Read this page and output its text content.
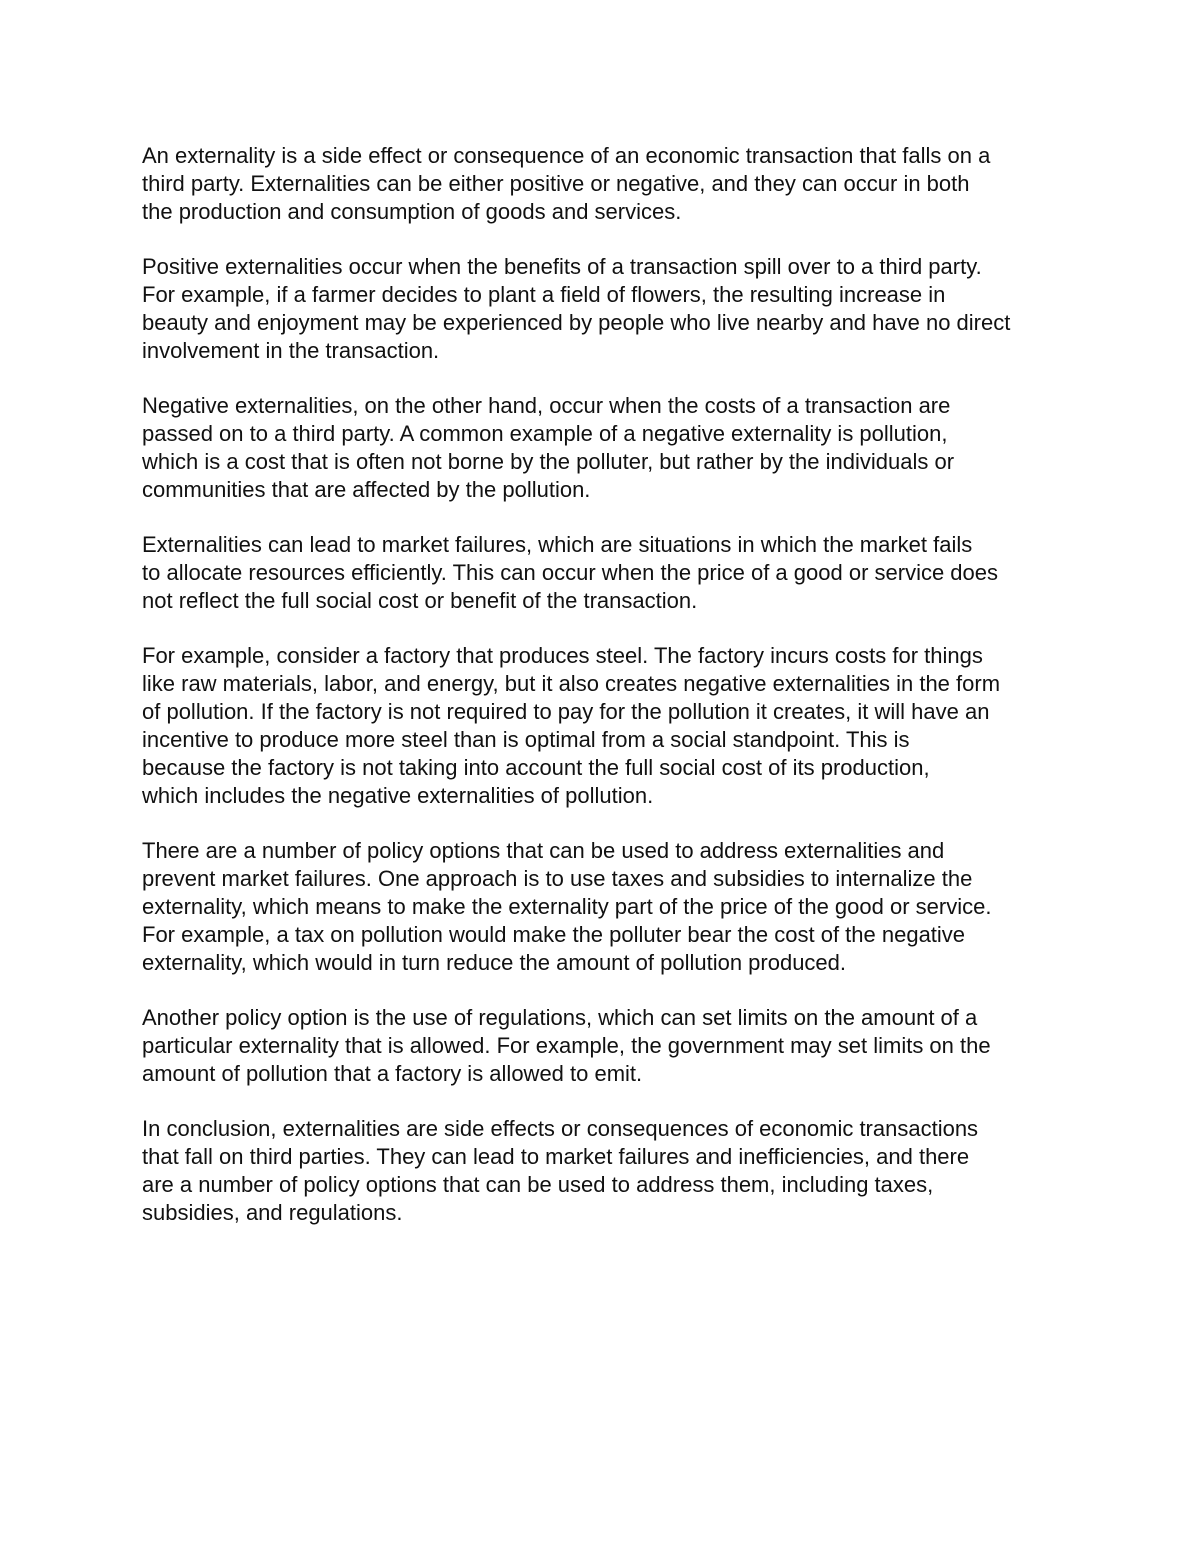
An externality is a side effect or consequence of an economic transaction that falls on a
third party. Externalities can be either positive or negative, and they can occur in both
the production and consumption of goods and services.

Positive externalities occur when the benefits of a transaction spill over to a third party.
For example, if a farmer decides to plant a field of flowers, the resulting increase in
beauty and enjoyment may be experienced by people who live nearby and have no direct
involvement in the transaction.

Negative externalities, on the other hand, occur when the costs of a transaction are
passed on to a third party. A common example of a negative externality is pollution,
which is a cost that is often not borne by the polluter, but rather by the individuals or
communities that are affected by the pollution.

Externalities can lead to market failures, which are situations in which the market fails
to allocate resources efficiently. This can occur when the price of a good or service does
not reflect the full social cost or benefit of the transaction.

For example, consider a factory that produces steel. The factory incurs costs for things
like raw materials, labor, and energy, but it also creates negative externalities in the form
of pollution. If the factory is not required to pay for the pollution it creates, it will have an
incentive to produce more steel than is optimal from a social standpoint. This is
because the factory is not taking into account the full social cost of its production,
which includes the negative externalities of pollution.

There are a number of policy options that can be used to address externalities and
prevent market failures. One approach is to use taxes and subsidies to internalize the
externality, which means to make the externality part of the price of the good or service.
For example, a tax on pollution would make the polluter bear the cost of the negative
externality, which would in turn reduce the amount of pollution produced.

Another policy option is the use of regulations, which can set limits on the amount of a
particular externality that is allowed. For example, the government may set limits on the
amount of pollution that a factory is allowed to emit.

In conclusion, externalities are side effects or consequences of economic transactions
that fall on third parties. They can lead to market failures and inefficiencies, and there
are a number of policy options that can be used to address them, including taxes,
subsidies, and regulations.
